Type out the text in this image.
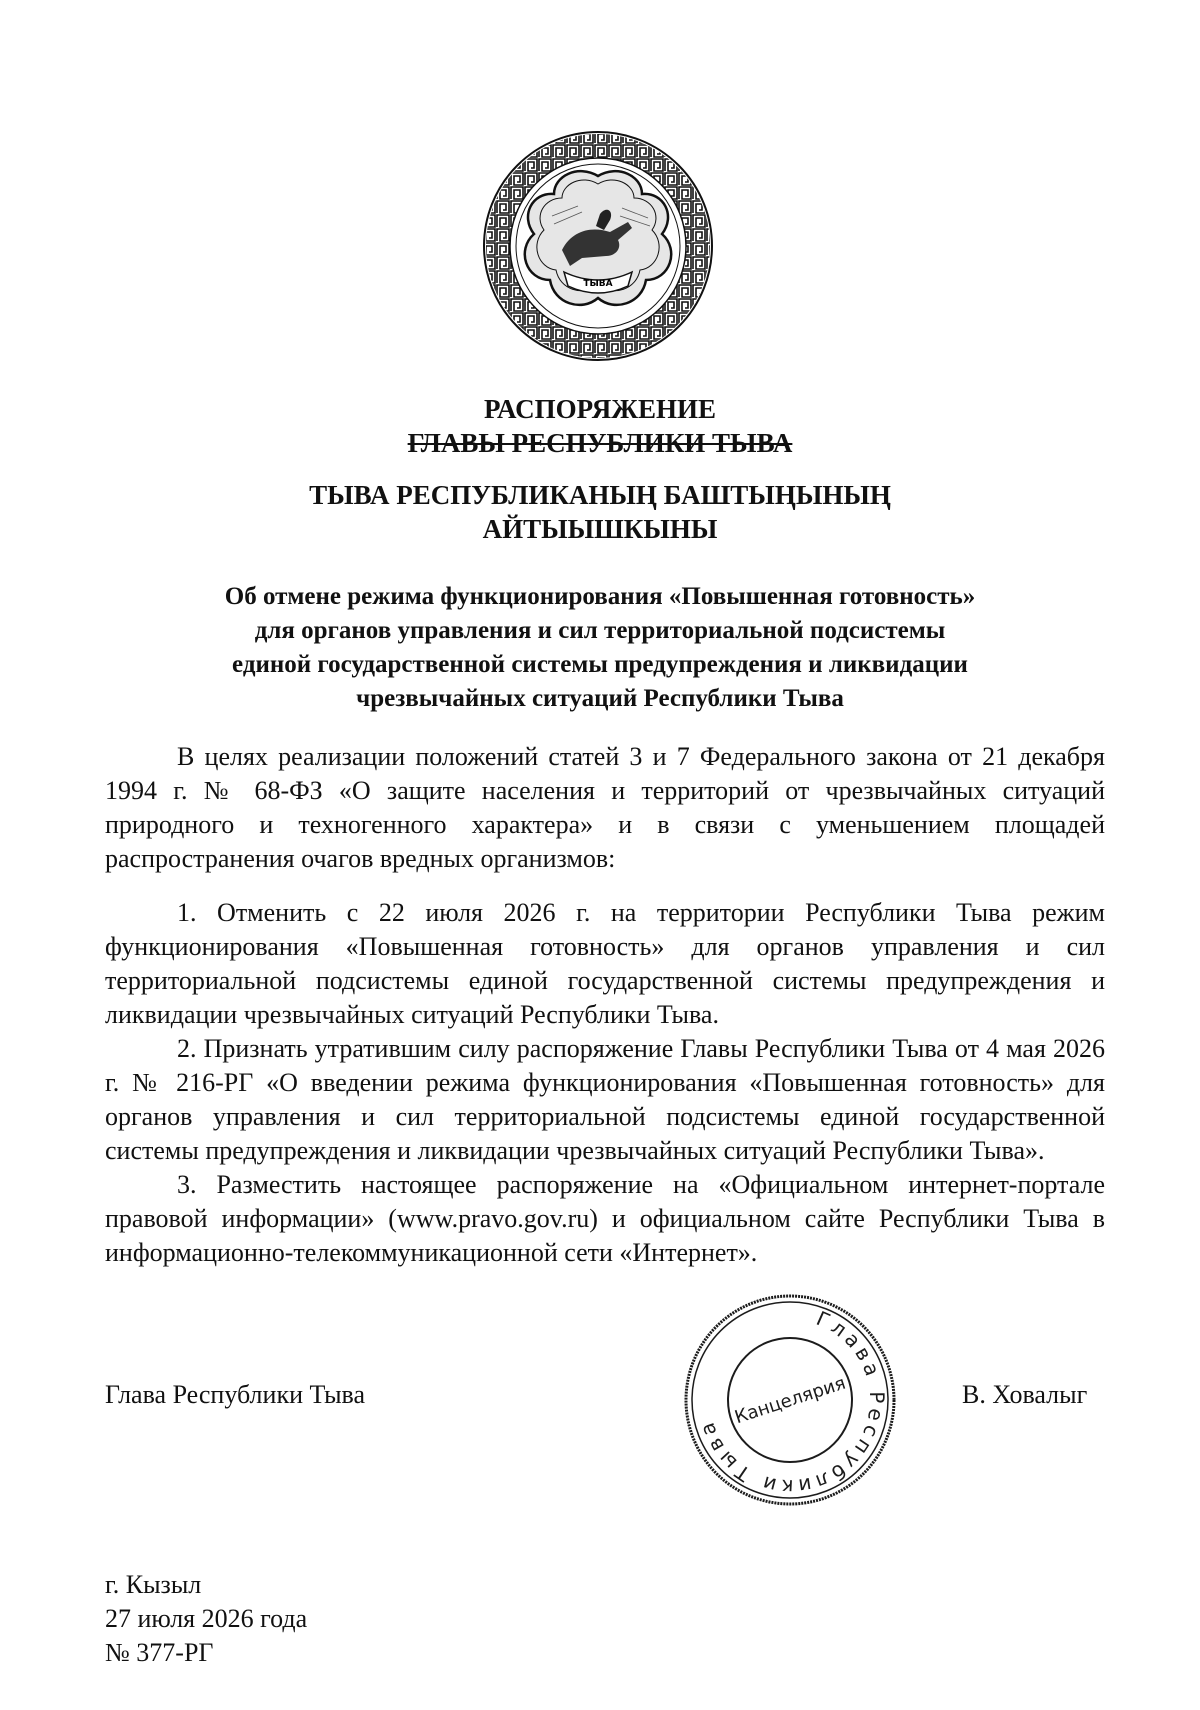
ТЫВА
РАСПОРЯЖЕНИЕ
ГЛАВЫ РЕСПУБЛИКИ ТЫВА
ТЫВА РЕСПУБЛИКАНЫҢ БАШТЫҢЫНЫҢ
АЙТЫЫШКЫНЫ
Об отмене режима функционирования «Повышенная готовность»
для органов управления и сил территориальной подсистемы
единой государственной системы предупреждения и ликвидации
чрезвычайных ситуаций Республики Тыва

В целях реализации положений статей 3 и 7 Федерального закона от 21 декабря 1994 г. № 68-ФЗ «О защите населения и территорий от чрезвычайных ситуаций природного и техногенного характера» и в связи с уменьшением площадей распространения очагов вредных организмов:

1. Отменить с 22 июля 2026 г. на территории Республики Тыва режим функционирования «Повышенная готовность» для органов управления и сил территориальной подсистемы единой государственной системы предупреждения и ликвидации чрезвычайных ситуаций Республики Тыва.

2. Признать утратившим силу распоряжение Главы Республики Тыва от 4 мая 2026 г. № 216-РГ «О введении режима функционирования «Повышенная готовность» для органов управления и сил территориальной подсистемы единой государственной системы предупреждения и ликвидации чрезвычайных ситуаций Республики Тыва».

3. Разместить настоящее распоряжение на «Официальном интернет-портале правовой информации» (www.pravo.gov.ru) и официальном сайте Республики Тыва в информационно-телекоммуникационной сети «Интернет».

Глава Республики Тыва	В. Ховалыг
Глава Республики Тыва Канцелярия
г. Кызыл
27 июля 2026 года
№ 377-РГ
